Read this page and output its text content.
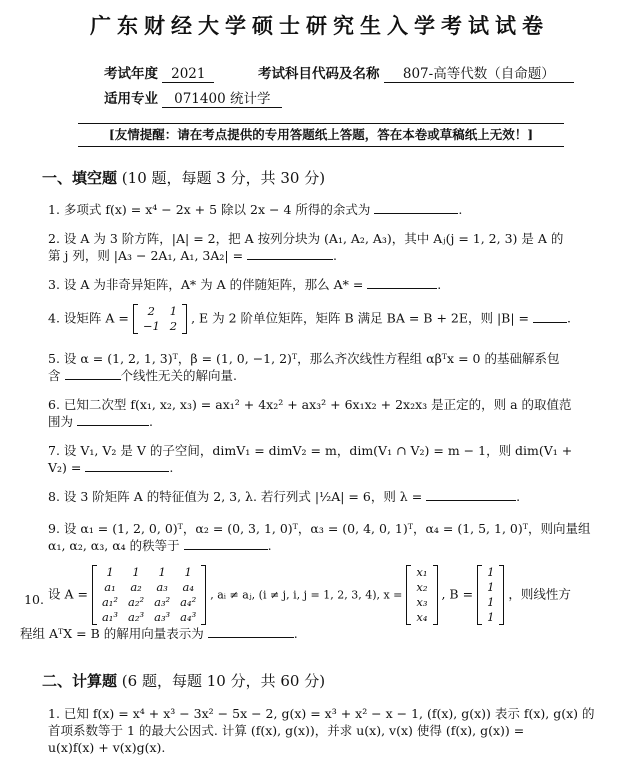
广东财经大学硕士研究生入学考试试卷
考试年度 2021	考试科目代码及名称 807-高等代数（自命题）
适用专业 071400 统计学
[友情提醒：请在考点提供的专用答题纸上答题，答在本卷或草稿纸上无效！]
一、填空题 (10 题，每题 3 分，共 30 分)
1. 多项式 f(x) = x⁴ − 2x + 5 除以 2x − 4 所得的余式为	.
2. 设 A 为 3 阶方阵，|A| = 2，把 A 按列分块为 (A₁, A₂, A₃)，其中 Aⱼ(j = 1, 2, 3) 是 A 的
第 j 列，则 |A₃ − 2A₁, A₁, 3A₂| =	.
3. 设 A 为非奇异矩阵，A* 为 A 的伴随矩阵，那么 A* =	.
4. 设矩阵 A = 2	1
−1	2
, E 为 2 阶单位矩阵，矩阵 B 满足 BA = B + 2E，则 |B| =	.
5. 设 α = (1, 2, 1, 3)ᵀ，β = (1, 0, −1, 2)ᵀ，那么齐次线性方程组 αβᵀx = 0 的基础解系包
含	个线性无关的解向量.
6. 已知二次型 f(x₁, x₂, x₃) = ax₁² + 4x₂² + ax₃² + 6x₁x₂ + 2x₂x₃ 是正定的，则 a 的取值范
围为	.
7. 设 V₁, V₂ 是 V 的子空间，dimV₁ = dimV₂ = m，dim(V₁ ∩ V₂) = m − 1，则 dim(V₁ +
V₂) =	.
8. 设 3 阶矩阵 A 的特征值为 2, 3, λ. 若行列式 |½A| = 6，则 λ =	.
9. 设 α₁ = (1, 2, 0, 0)ᵀ，α₂ = (0, 3, 1, 0)ᵀ，α₃ = (0, 4, 0, 1)ᵀ，α₄ = (1, 5, 1, 0)ᵀ，则向量组
α₁, α₂, α₃, α₄ 的秩等于	.
10. 设 A =
1	1	1	1
a₁	a₂	a₃	a₄
a₁²	a₂²	a₃²	a₄²
a₁³	a₂³	a₃³	a₄³
, aᵢ ≠ aⱼ, (i ≠ j, i, j = 1, 2, 3, 4), x =
x₁
x₂
x₃
x₄
, B =
1
1
1
1
，则线性方
程组 AᵀX = B 的解用向量表示为	.
二、计算题 (6 题，每题 10 分，共 60 分)
1. 已知 f(x) = x⁴ + x³ − 3x² − 5x − 2, g(x) = x³ + x² − x − 1, (f(x), g(x)) 表示 f(x), g(x) 的
首项系数等于 1 的最大公因式. 计算 (f(x), g(x))，并求 u(x), v(x) 使得 (f(x), g(x)) =
u(x)f(x) + v(x)g(x).
